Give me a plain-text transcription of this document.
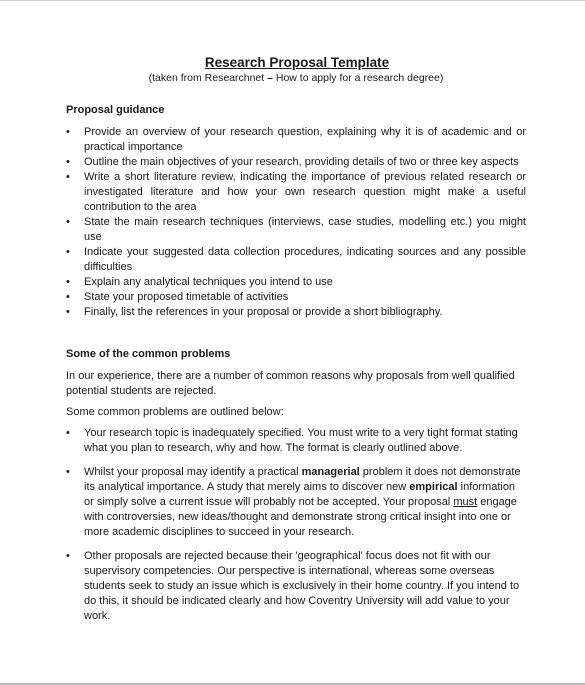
Research Proposal Template
(taken from Researchnet – How to apply for a research degree)
Proposal guidance
• Provide an overview of your research question, explaining why it is of academic and or practical importance
• Outline the main objectives of your research, providing details of two or three key aspects
• Write a short literature review, indicating the importance of previous related research or investigated literature and how your own research question might make a useful contribution to the area
• State the main research techniques (interviews, case studies, modelling etc.) you might use
• Indicate your suggested data collection procedures, indicating sources and any possible difficulties
• Explain any analytical techniques you intend to use
• State your proposed timetable of activities
• Finally, list the references in your proposal or provide a short bibliography.
Some of the common problems

In our experience, there are a number of common reasons why proposals from well qualified potential students are rejected.

Some common problems are outlined below:

• Your research topic is inadequately specified. You must write to a very tight format stating what you plan to research, why and how. The format is clearly outlined above.
• Whilst your proposal may identify a practical managerial problem it does not demonstrate its analytical importance. A study that merely aims to discover new empirical information or simply solve a current issue will probably not be accepted. Your proposal must engage with controversies, new ideas/thought and demonstrate strong critical insight into one or more academic disciplines to succeed in your research.
• Other proposals are rejected because their 'geographical' focus does not fit with our supervisory competencies. Our perspective is international, whereas some overseas students seek to study an issue which is exclusively in their home country. If you intend to do this, it should be indicated clearly and how Coventry University will add value to your work.
